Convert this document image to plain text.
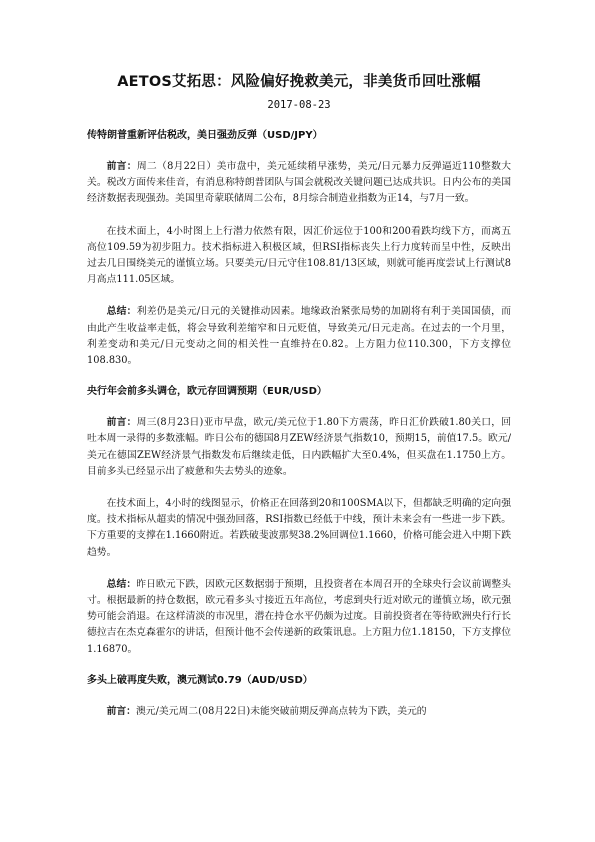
AETOS艾拓思：风险偏好挽救美元，非美货币回吐涨幅
2017-08-23
传特朗普重新评估税改，美日强劲反弹（USD/JPY）

前言：周二（8月22日）美市盘中，美元延续稍早涨势，美元/日元暴力反弹逼近110整数大关。税改方面传来佳音，有消息称特朗普团队与国会就税改关键问题已达成共识。日内公布的美国经济数据表现强劲。美国里奇蒙联储周二公布，8月综合制造业指数为正14，与7月一致。

在技术面上，4小时图上上行潜力依然有限，因汇价远位于100和200看跌均线下方，而离五高位109.59为初步阻力。技术指标进入积极区域，但RSI指标丧失上行力度转而呈中性，反映出过去几日围绕美元的谨慎立场。只要美元/日元守住108.81/13区域，则就可能再度尝试上行测试8月高点111.05区域。

总结：利差仍是美元/日元的关键推动因素。地缘政治紧张局势的加剧将有利于美国国债，而由此产生收益率走低，将会导致利差缩窄和日元贬值，导致美元/日元走高。在过去的一个月里，利差变动和美元/日元变动之间的相关性一直维持在0.82。上方阻力位110.300，下方支撑位108.830。

央行年会前多头调仓，欧元存回调预期（EUR/USD）

前言：周三(8月23日)亚市早盘，欧元/美元位于1.80下方震荡，昨日汇价跌破1.80关口，回吐本周一录得的多数涨幅。昨日公布的德国8月ZEW经济景气指数10，预期15，前值17.5。欧元/美元在德国ZEW经济景气指数发布后继续走低，日内跌幅扩大至0.4%，但买盘在1.1750上方。目前多头已经显示出了疲惫和失去势头的迹象。

在技术面上，4小时的线图显示，价格正在回落到20和100SMA以下，但都缺乏明确的定向强度。技术指标从超卖的情况中强劲回落，RSI指数已经低于中线，预计未来会有一些进一步下跌。下方重要的支撑在1.1660附近。若跌破斐波那契38.2%回调位1.1660，价格可能会进入中期下跌趋势。

总结：昨日欧元下跌，因欧元区数据弱于预期，且投资者在本周召开的全球央行会议前调整头寸。根据最新的持仓数据，欧元看多头寸接近五年高位，考虑到央行近对欧元的谨慎立场，欧元强势可能会消退。在这样清淡的市况里，潜在持仓水平仍颇为过度。目前投资者在等待欧洲央行行长德拉吉在杰克森霍尔的讲话，但预计他不会传递新的政策讯息。上方阻力位1.18150，下方支撑位1.16870。

多头上破再度失败，澳元测试0.79（AUD/USD）

前言：澳元/美元周二(08月22日)未能突破前期反弹高点转为下跌，美元的
